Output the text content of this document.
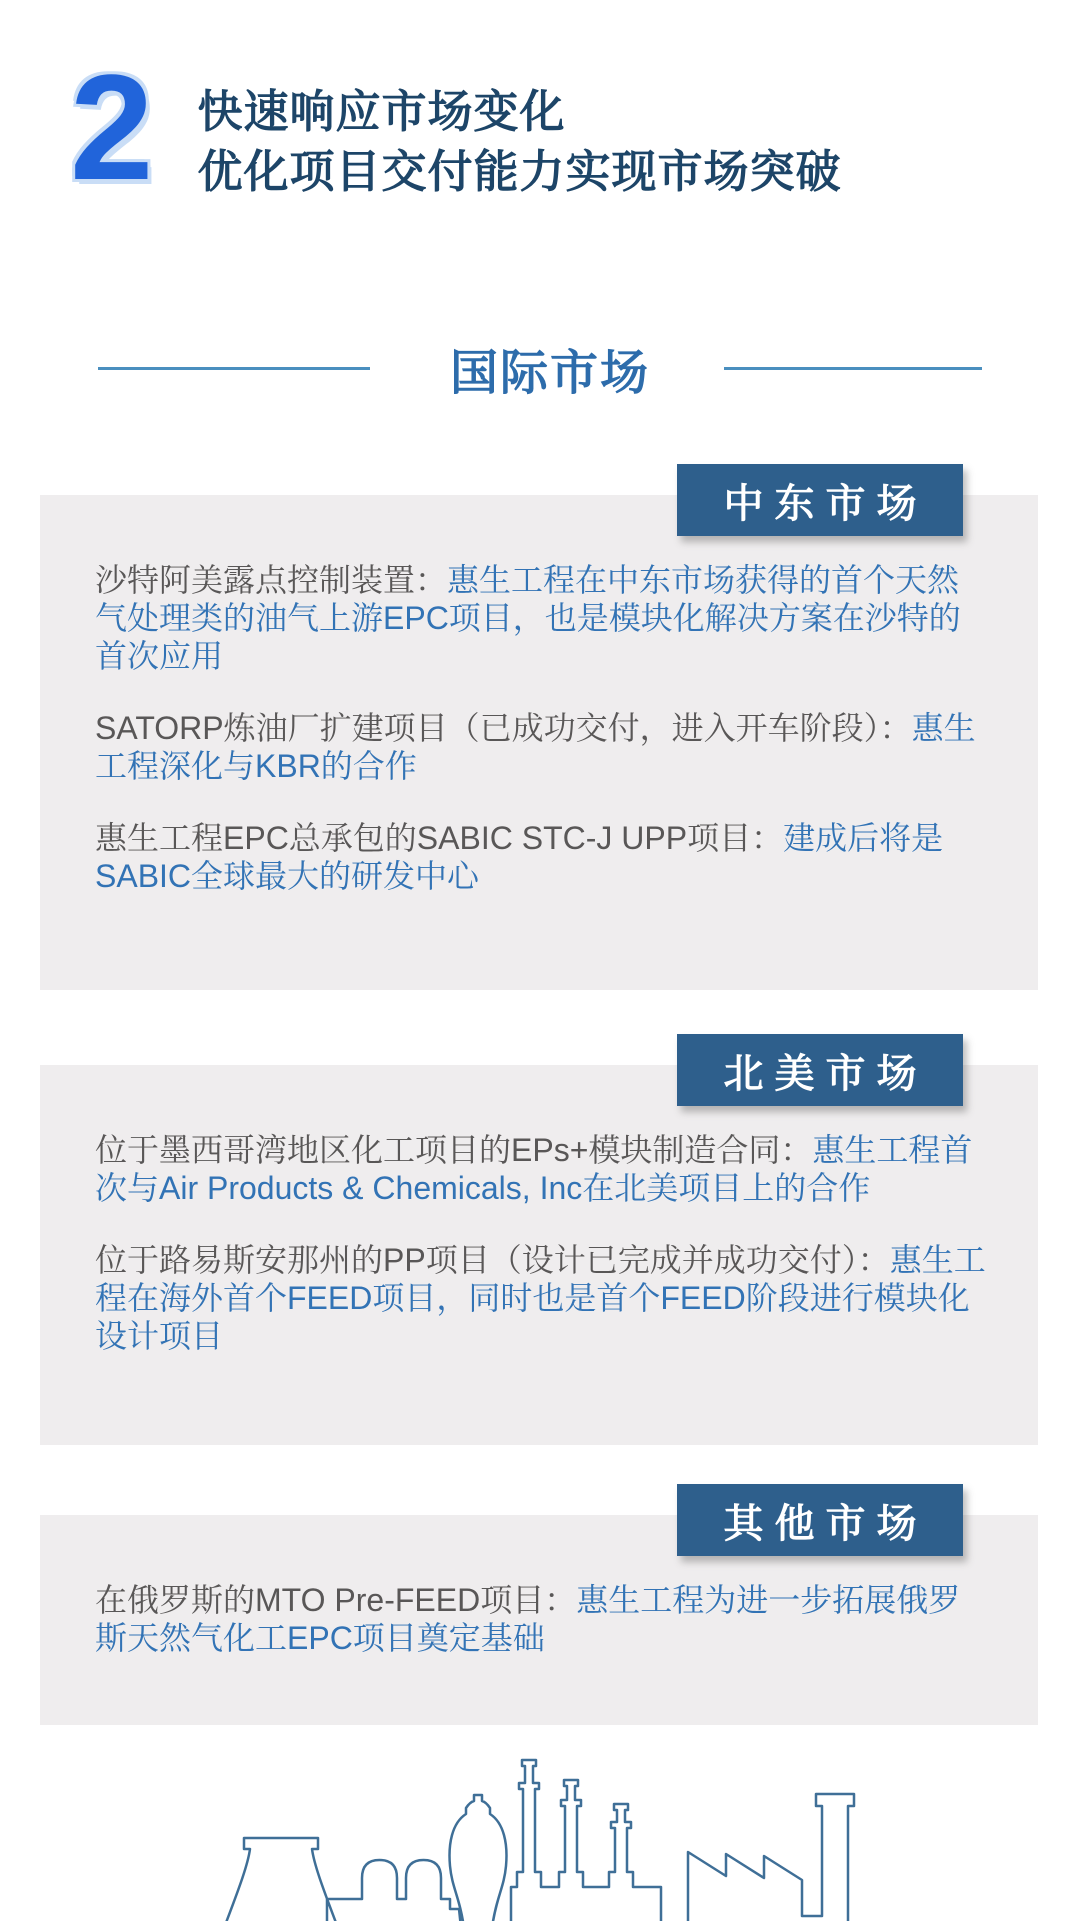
2 快速响应市场变化
优化项目交付能力实现市场突破
国际市场
中东市场
沙特阿美露点控制装置：惠生工程在中东市场获得的首个天然气处理类的油气上游EPC项目，也是模块化解决方案在沙特的首次应用
SATORP炼油厂扩建项目（已成功交付，进入开车阶段）：惠生工程深化与KBR的合作
惠生工程EPC总承包的SABIC STC-J UPP项目：建成后将是SABIC全球最大的研发中心
北美市场
位于墨西哥湾地区化工项目的EPs+模块制造合同：惠生工程首次与Air Products & Chemicals, Inc在北美项目上的合作
位于路易斯安那州的PP项目（设计已完成并成功交付）：惠生工程在海外首个FEED项目，同时也是首个FEED阶段进行模块化设计项目
其他市场
在俄罗斯的MTO Pre-FEED项目：惠生工程为进一步拓展俄罗斯天然气化工EPC项目奠定基础
